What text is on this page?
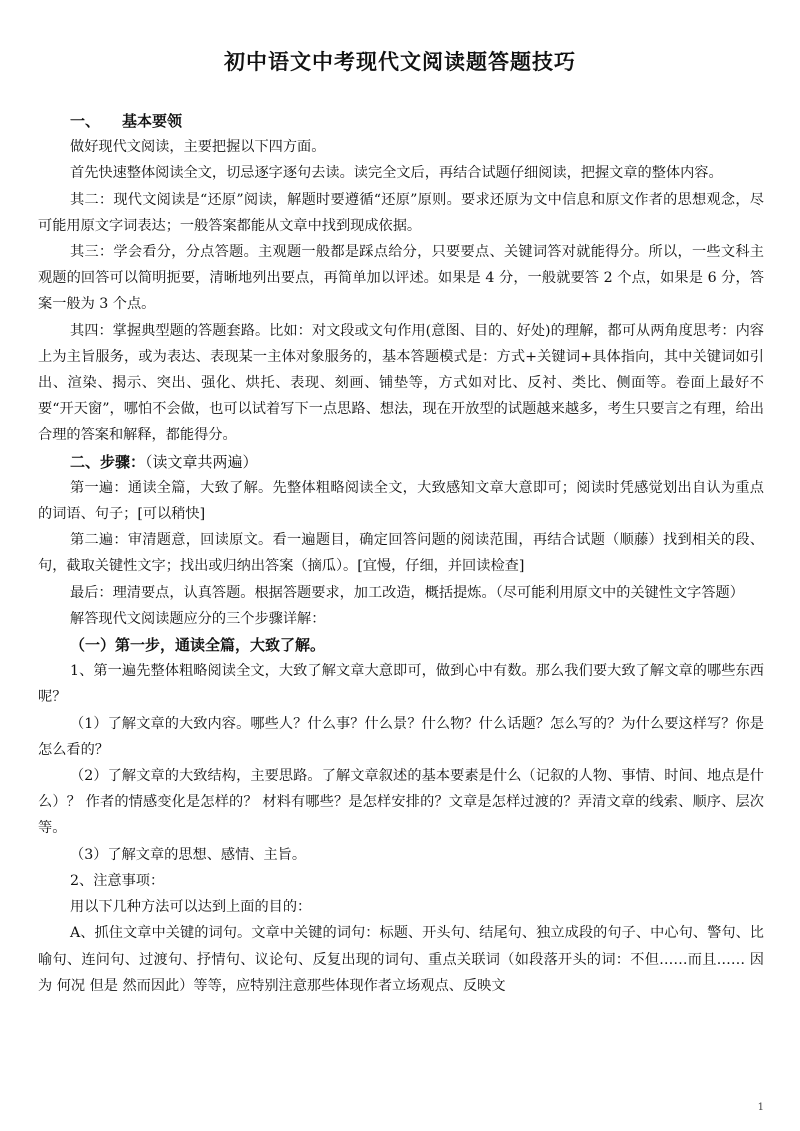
初中语文中考现代文阅读题答题技巧

一、 基本要领

做好现代文阅读，主要把握以下四方面。

首先快速整体阅读全文，切忌逐字逐句去读。读完全文后，再结合试题仔细阅读，把握文章的整体内容。

其二：现代文阅读是“还原”阅读，解题时要遵循“还原”原则。要求还原为文中信息和原文作者的思想观念，尽可能用原文字词表达；一般答案都能从文章中找到现成依据。

其三：学会看分，分点答题。主观题一般都是踩点给分，只要要点、关键词答对就能得分。所以，一些文科主观题的回答可以简明扼要，清晰地列出要点，再简单加以评述。如果是 4 分，一般就要答 2 个点，如果是 6 分，答案一般为 3 个点。

其四：掌握典型题的答题套路。比如：对文段或文句作用(意图、目的、好处)的理解，都可从两角度思考：内容上为主旨服务，或为表达、表现某一主体对象服务的，基本答题模式是：方式+关键词+具体指向，其中关键词如引出、渲染、揭示、突出、强化、烘托、表现、刻画、铺垫等，方式如对比、反衬、类比、侧面等。卷面上最好不要“开天窗”，哪怕不会做，也可以试着写下一点思路、想法，现在开放型的试题越来越多，考生只要言之有理，给出合理的答案和解释，都能得分。

二、步骤：（读文章共两遍）

第一遍：通读全篇，大致了解。先整体粗略阅读全文，大致感知文章大意即可；阅读时凭感觉划出自认为重点的词语、句子；[可以稍快]

第二遍：审清题意，回读原文。看一遍题目，确定回答问题的阅读范围，再结合试题（顺藤）找到相关的段、句，截取关键性文字；找出或归纳出答案（摘瓜）。[宜慢，仔细，并回读检查]

最后：理清要点，认真答题。根据答题要求，加工改造，概括提炼。（尽可能利用原文中的关键性文字答题）

解答现代文阅读题应分的三个步骤详解：

（一）第一步，通读全篇，大致了解。

1、第一遍先整体粗略阅读全文，大致了解文章大意即可，做到心中有数。那么我们要大致了解文章的哪些东西呢？

（1）了解文章的大致内容。哪些人？什么事？什么景？什么物？什么话题？怎么写的？为什么要这样写？你是怎么看的？

（2）了解文章的大致结构，主要思路。了解文章叙述的基本要素是什么（记叙的人物、事情、时间、地点是什么）？ 作者的情感变化是怎样的？ 材料有哪些？是怎样安排的？文章是怎样过渡的？弄清文章的线索、顺序、层次等。

（3）了解文章的思想、感情、主旨。

2、注意事项：

用以下几种方法可以达到上面的目的：

A、抓住文章中关键的词句。文章中关键的词句：标题、开头句、结尾句、独立成段的句子、中心句、警句、比喻句、连问句、过渡句、抒情句、议论句、反复出现的词句、重点关联词（如段落开头的词：不但……而且…… 因为 何况 但是 然而因此）等等，应特别注意那些体现作者立场观点、反映文

1
